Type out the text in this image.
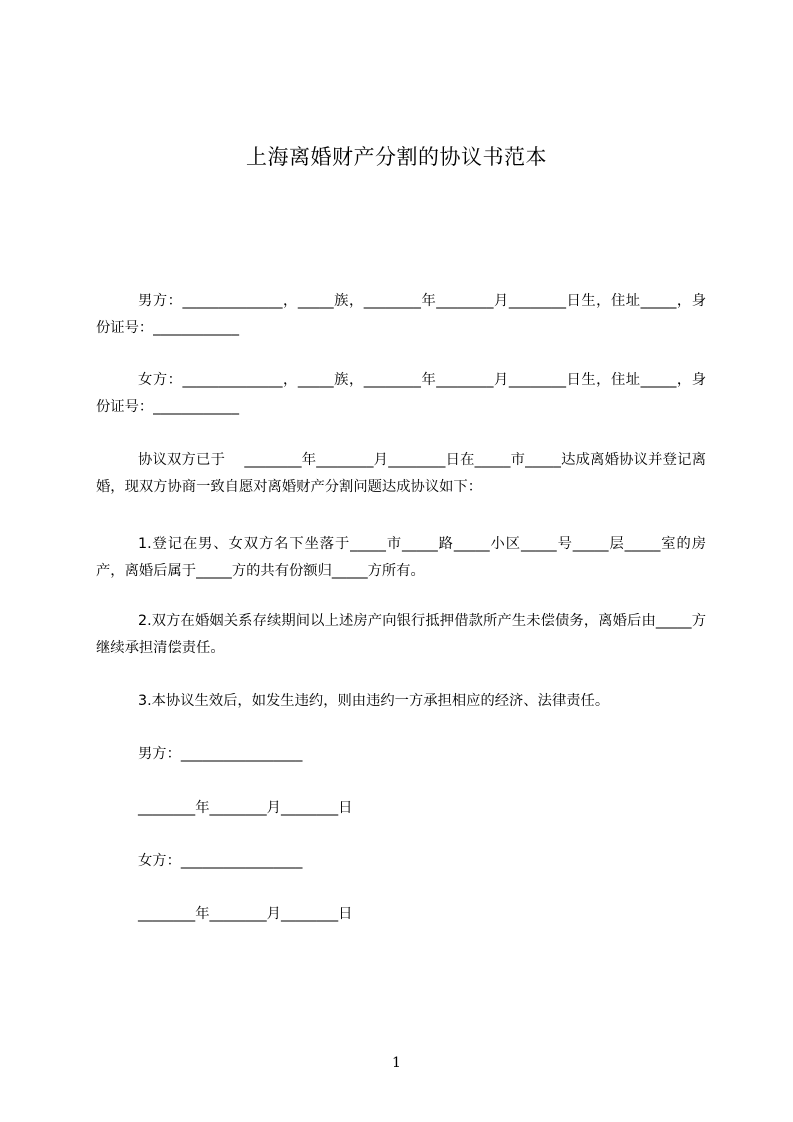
上海离婚财产分割的协议书范本
男方：______________，_____族，________年________月________日生，住址_____，身份证号：____________
女方：______________，_____族，________年________月________日生，住址_____，身份证号：____________
协议双方已于　 ________年________月________日在_____市_____达成离婚协议并登记离婚，现双方协商一致自愿对离婚财产分割问题达成协议如下：
1.登记在男、女双方名下坐落于_____市_____路_____小区_____号_____层_____室的房产，离婚后属于_____方的共有份额归_____方所有。
2.双方在婚姻关系存续期间以上述房产向银行抵押借款所产生未偿债务，离婚后由_____方继续承担清偿责任。
3.本协议生效后，如发生违约，则由违约一方承担相应的经济、法律责任。
男方：_________________
________年________月________日
女方：_________________
________年________月________日
1
